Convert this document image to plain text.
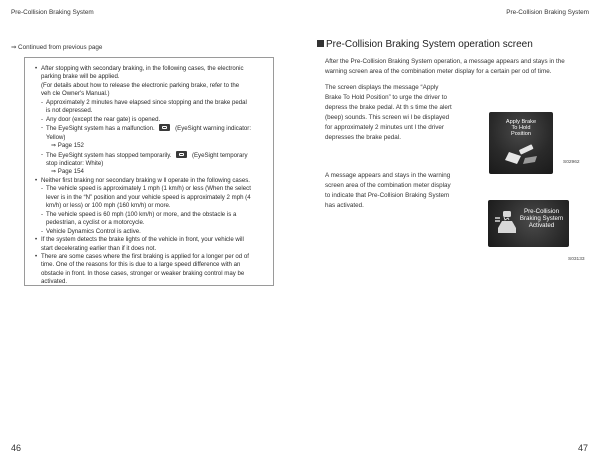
Pre-Collision Braking System	Pre-Collision Braking System
⇒ Continued from previous page
• After stopping with secondary braking, in the following cases, the electronic
parking brake will be applied.
(For details about how to release the electronic parking brake, refer to the
veh cle Owner's Manual.)
- Approximately 2 minutes have elapsed since stopping and the brake pedal
is not depressed.
- Any door (except the rear gate) is opened.
- The EyeSight system has a malfunction.	(EyeSight warning indicator:
Yellow)
⇒ Page 152
- The EyeSight system has stopped temporarily.	(EyeSight temporary
stop indicator: White)
⇒ Page 154
• Neither first braking nor secondary braking w ll operate in the following cases.
- The vehicle speed is approximately 1 mph (1 km/h) or less (When the select
lever is in the “N” position and your vehicle speed is approximately 2 mph (4
km/h) or less) or 100 mph (160 km/h) or more.
- The vehicle speed is 60 mph (100 km/h) or more, and the obstacle is a
pedestrian, a cyclist or a motorcycle.
- Vehicle Dynamics Control is active.
• If the system detects the brake lights of the vehicle in front, your vehicle will
start decelerating earlier than if it does not.
• There are some cases where the first braking is applied for a longer per od of
time. One of the reasons for this is due to a large speed difference with an
obstacle in front. In those cases, stronger or weaker braking control may be
activated.
Pre-Collision Braking System operation screen
After the Pre-Collision Braking System operation, a message appears and stays in the
warning screen area of the combination meter display for a certain per od of time.
The screen displays the message “Apply
Brake To Hold Position” to urge the driver to
depress the brake pedal. At th s time the alert
(beep) sounds. This screen wi l be displayed
for approximately 2 minutes unt l the driver
depresses the brake pedal.
A message appears and stays in the warning
screen area of the combination meter display
to indicate that Pre-Collision Braking System
has activated.
Apply Brake
To Hold
Position
S02962
Pre-Collision
Braking System
Activated
S03133
46	47
